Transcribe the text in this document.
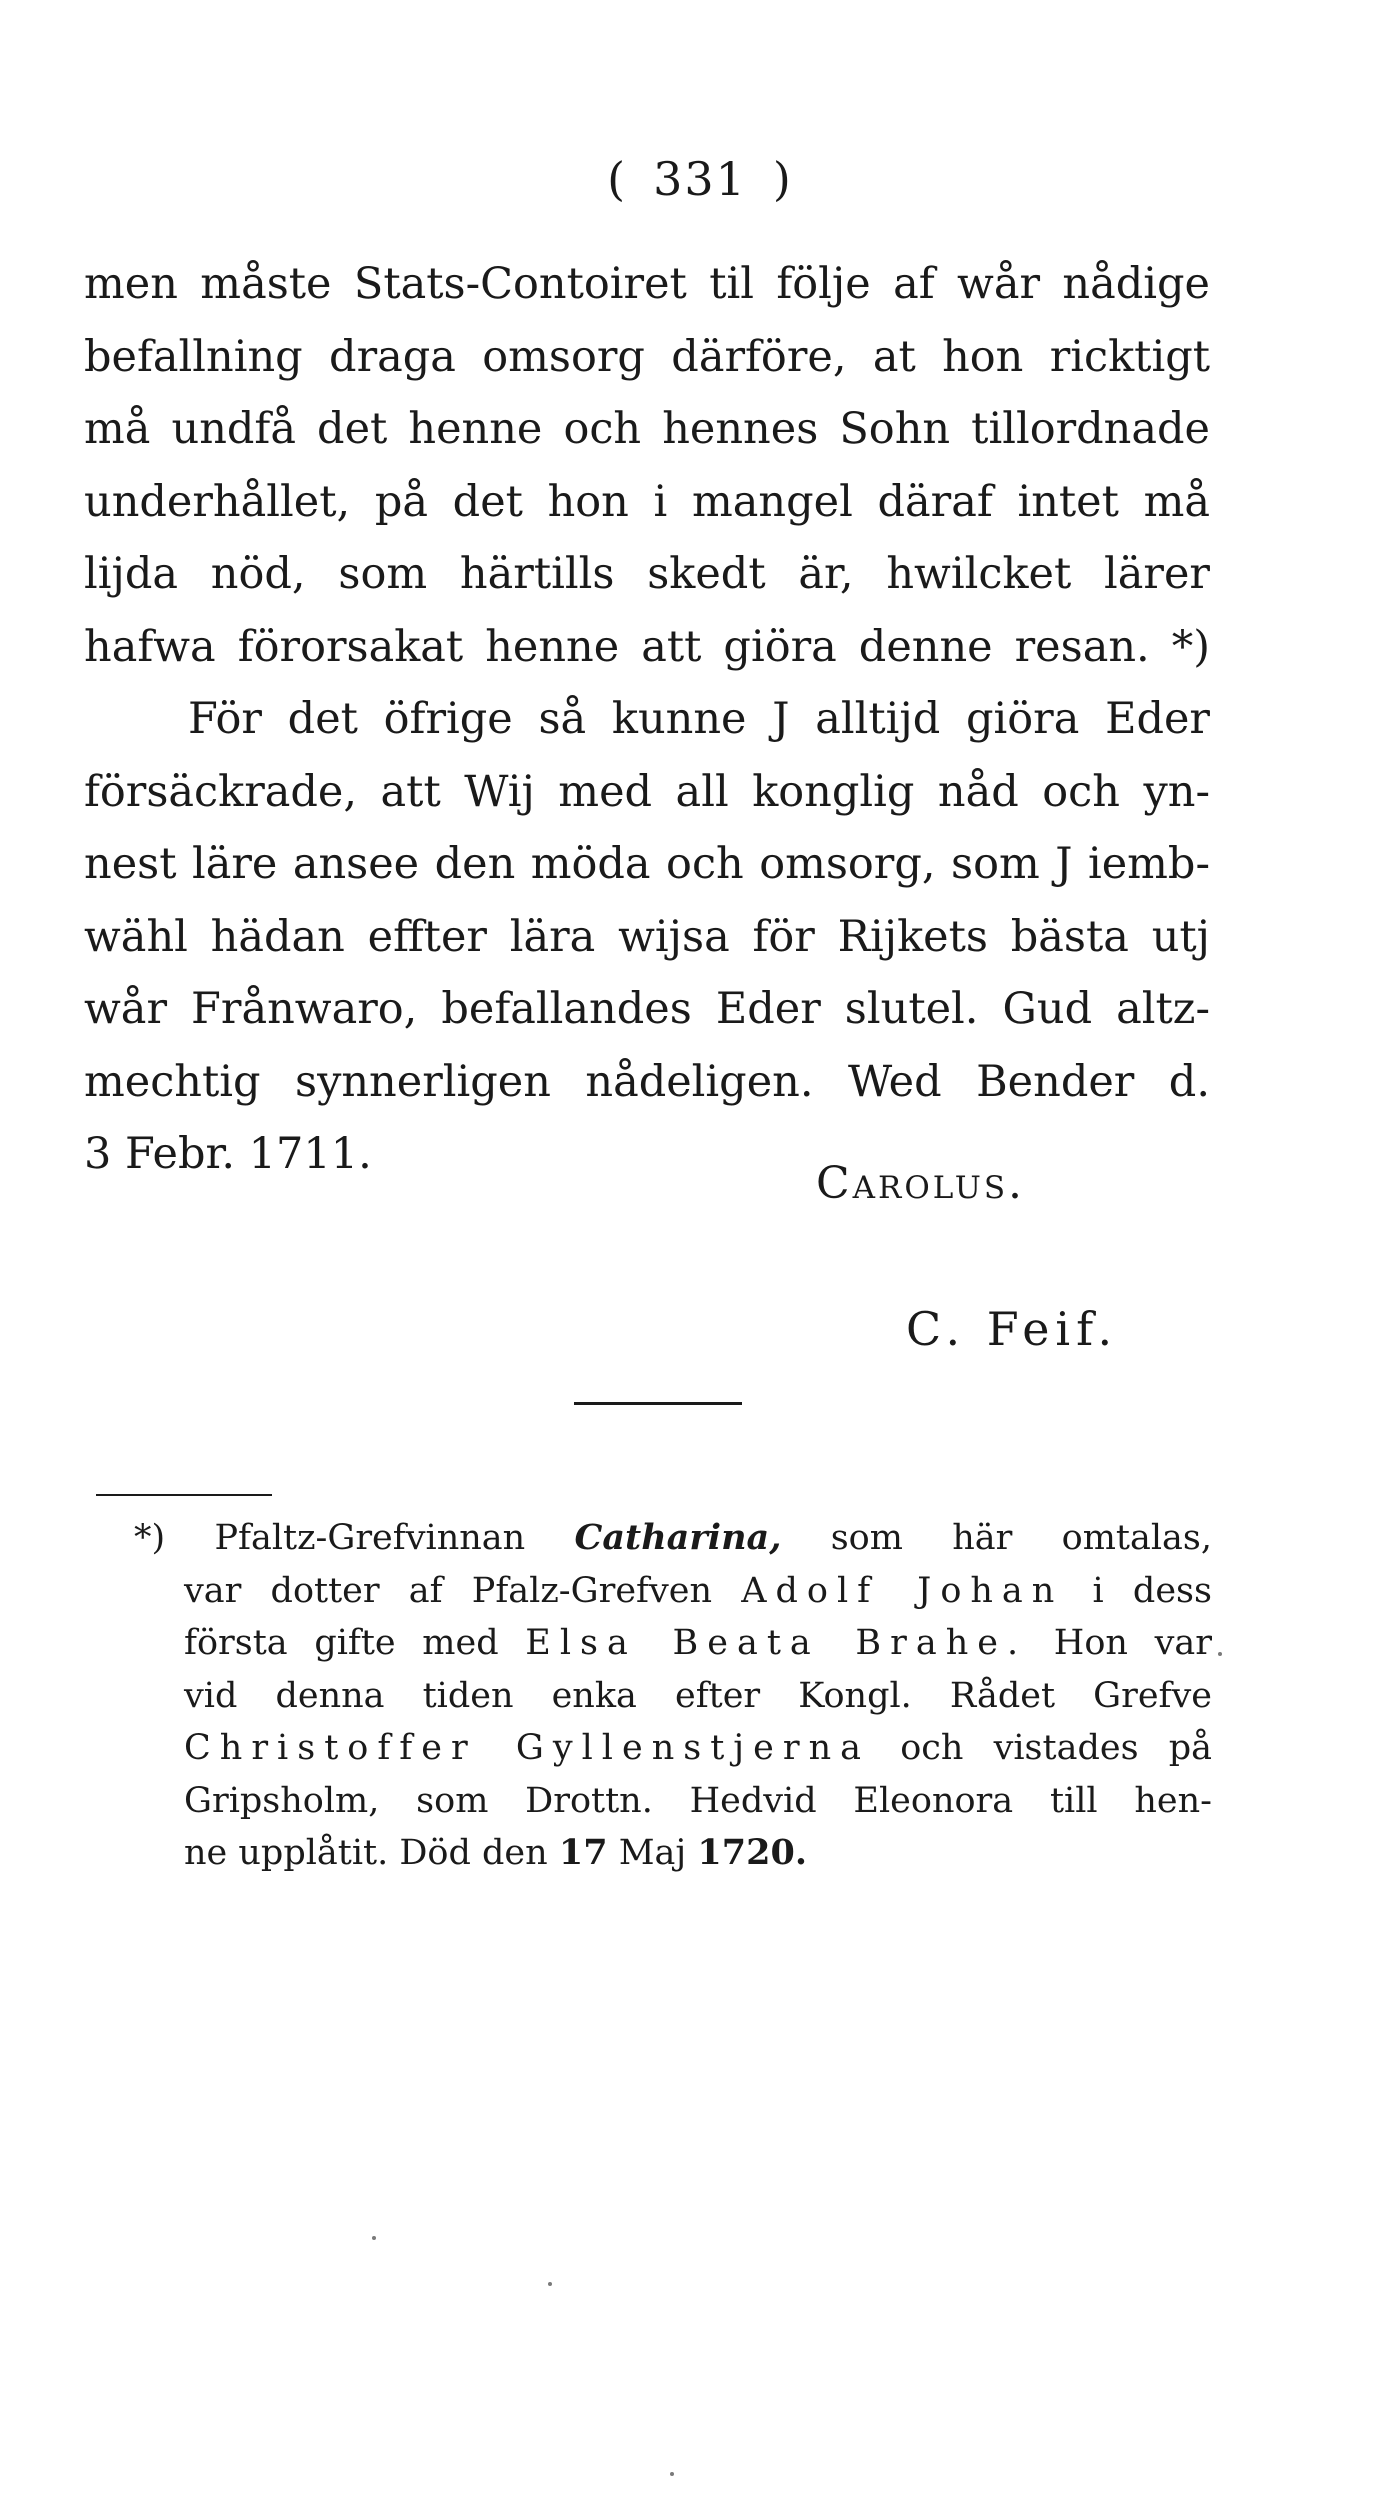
( 331 )
men måste Stats-Contoiret til följe af wår nådige
befallning draga omsorg därföre, at hon ricktigt
må undfå det henne och hennes Sohn tillordnade
underhållet, på det hon i mangel däraf intet må
lijda nöd, som härtills skedt är, hwilcket lärer
hafwa förorsakat henne att giöra denne resan. *)
För det öfrige så kunne J alltijd giöra Eder
försäckrade, att Wij med all konglig nåd och yn-
nest läre ansee den möda och omsorg, som J iemb-
wähl hädan effter lära wijsa för Rijkets bästa utj
wår Frånwaro, befallandes Eder slutel. Gud altz-
mechtig synnerligen nådeligen. Wed Bender d.
3 Febr. 1711.
Carolus.
C. Feif.
*) Pfaltz-Grefvinnan Catharina, som här omtalas,
var dotter af Pfalz-Grefven Adolf Johan i dess
första gifte med Elsa Beata Brahe. Hon var
vid denna tiden enka efter Kongl. Rådet Grefve
Christoffer Gyllenstjerna och vistades på
Gripsholm, som Drottn. Hedvid Eleonora till hen-
ne upplåtit. Död den 17 Maj 1720.
